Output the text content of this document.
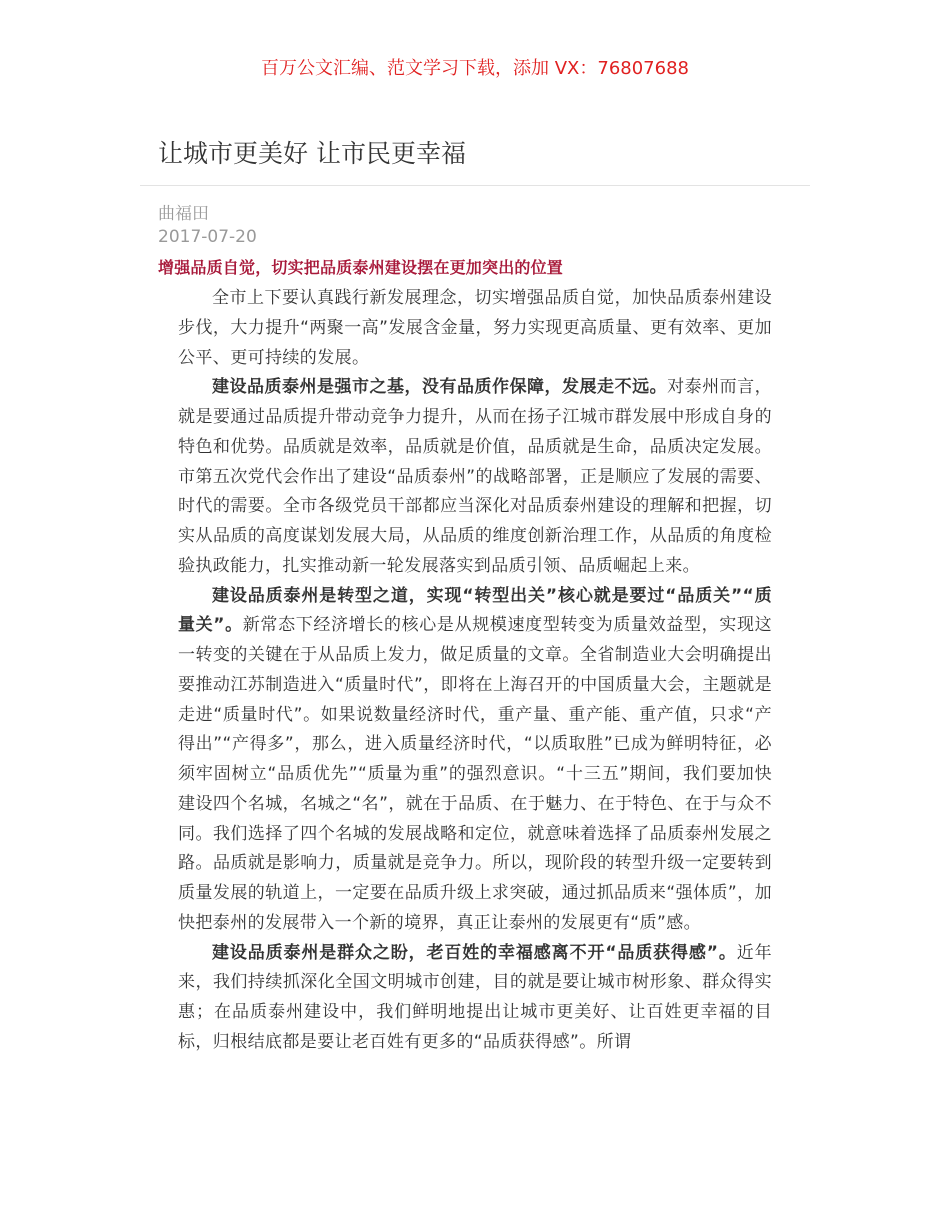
百万公文汇编、范文学习下载，添加 VX：76807688
让城市更美好 让市民更幸福
曲福田
2017-07-20
增强品质自觉，切实把品质泰州建设摆在更加突出的位置

全市上下要认真践行新发展理念，切实增强品质自觉，加快品质泰州建设步伐，大力提升“两聚一高”发展含金量，努力实现更高质量、更有效率、更加公平、更可持续的发展。

建设品质泰州是强市之基，没有品质作保障，发展走不远。对泰州而言，就是要通过品质提升带动竞争力提升，从而在扬子江城市群发展中形成自身的特色和优势。品质就是效率，品质就是价值，品质就是生命，品质决定发展。市第五次党代会作出了建设“品质泰州”的战略部署，正是顺应了发展的需要、时代的需要。全市各级党员干部都应当深化对品质泰州建设的理解和把握，切实从品质的高度谋划发展大局，从品质的维度创新治理工作，从品质的角度检验执政能力，扎实推动新一轮发展落实到品质引领、品质崛起上来。

建设品质泰州是转型之道，实现“转型出关”核心就是要过“品质关”“质量关”。新常态下经济增长的核心是从规模速度型转变为质量效益型，实现这一转变的关键在于从品质上发力，做足质量的文章。全省制造业大会明确提出要推动江苏制造进入“质量时代”，即将在上海召开的中国质量大会，主题就是走进“质量时代”。如果说数量经济时代，重产量、重产能、重产值，只求“产得出”“产得多”，那么，进入质量经济时代，“以质取胜”已成为鲜明特征，必须牢固树立“品质优先”“质量为重”的强烈意识。“十三五”期间，我们要加快建设四个名城，名城之“名”，就在于品质、在于魅力、在于特色、在于与众不同。我们选择了四个名城的发展战略和定位，就意味着选择了品质泰州发展之路。品质就是影响力，质量就是竞争力。所以，现阶段的转型升级一定要转到质量发展的轨道上，一定要在品质升级上求突破，通过抓品质来“强体质”，加快把泰州的发展带入一个新的境界，真正让泰州的发展更有“质”感。

建设品质泰州是群众之盼，老百姓的幸福感离不开“品质获得感”。近年来，我们持续抓深化全国文明城市创建，目的就是要让城市树形象、群众得实惠；在品质泰州建设中，我们鲜明地提出让城市更美好、让百姓更幸福的目标，归根结底都是要让老百姓有更多的“品质获得感”。所谓
